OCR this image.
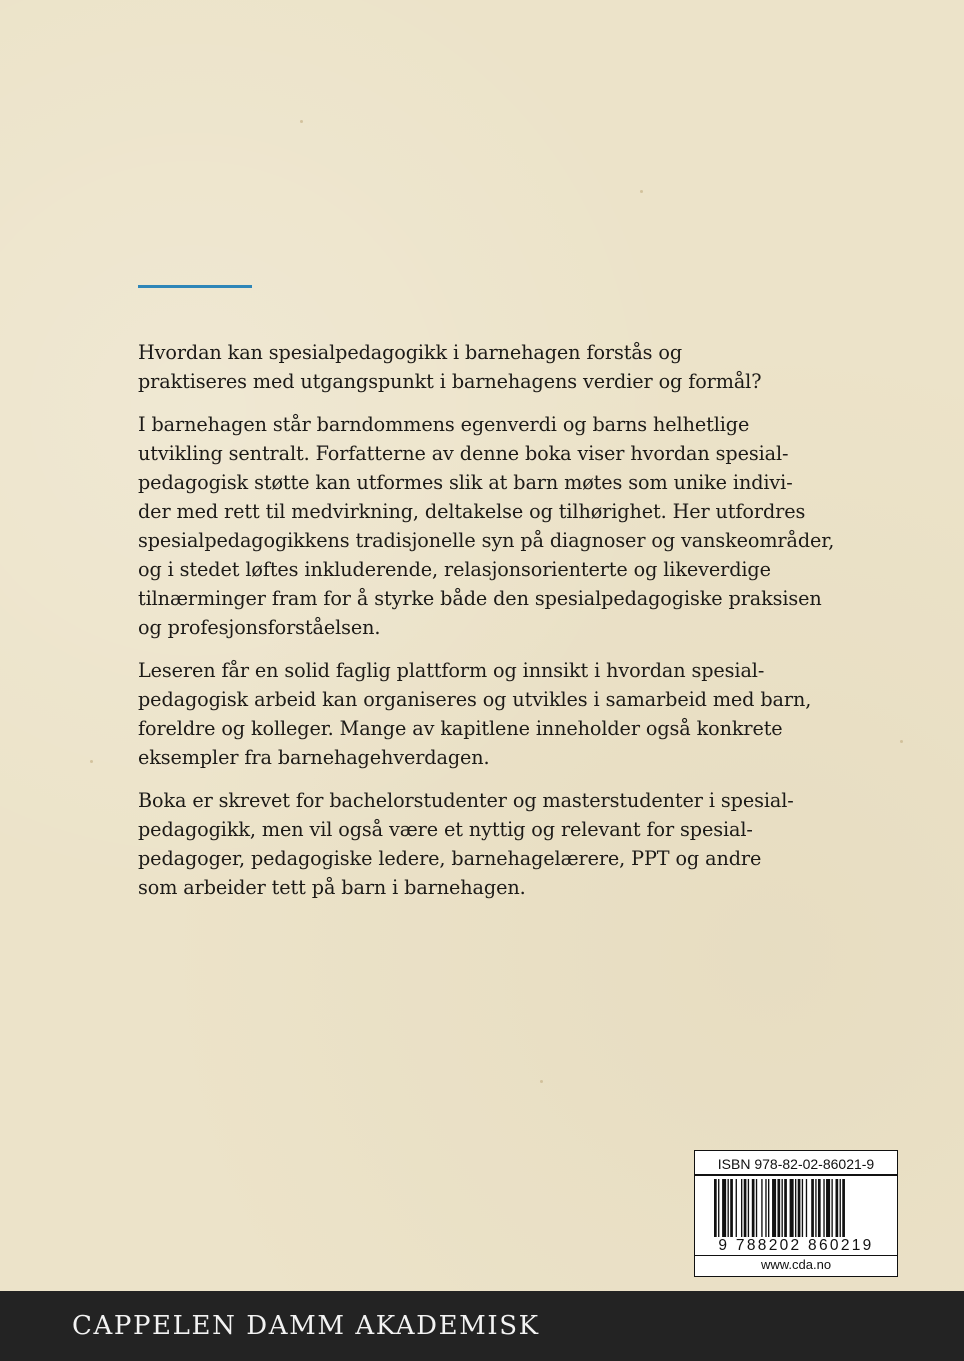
Hvordan kan spesialpedagogikk i barnehagen forstås og
praktiseres med utgangspunkt i barnehagens verdier og formål?

I barnehagen står barndommens egenverdi og barns helhetlige
utvikling sentralt. Forfatterne av denne boka viser hvordan spesial-
pedagogisk støtte kan utformes slik at barn møtes som unike indivi-
der med rett til medvirkning, deltakelse og tilhørighet. Her utfordres
spesialpedagogikkens tradisjonelle syn på diagnoser og vanskeområder,
og i stedet løftes inkluderende, relasjonsorienterte og likeverdige
tilnærminger fram for å styrke både den spesialpedagogiske praksisen
og profesjonsforståelsen.

Leseren får en solid faglig plattform og innsikt i hvordan spesial-
pedagogisk arbeid kan organiseres og utvikles i samarbeid med barn,
foreldre og kolleger. Mange av kapitlene inneholder også konkrete
eksempler fra barnehagehverdagen.

Boka er skrevet for bachelorstudenter og masterstudenter i spesial-
pedagogikk, men vil også være et nyttig og relevant for spesial-
pedagoger, pedagogiske ledere, barnehagelærere, PPT og andre
som arbeider tett på barn i barnehagen.

ISBN 978-82-02-86021-9
9 788202 860219
www.cda.no
CAPPELEN DAMM AKADEMISK
